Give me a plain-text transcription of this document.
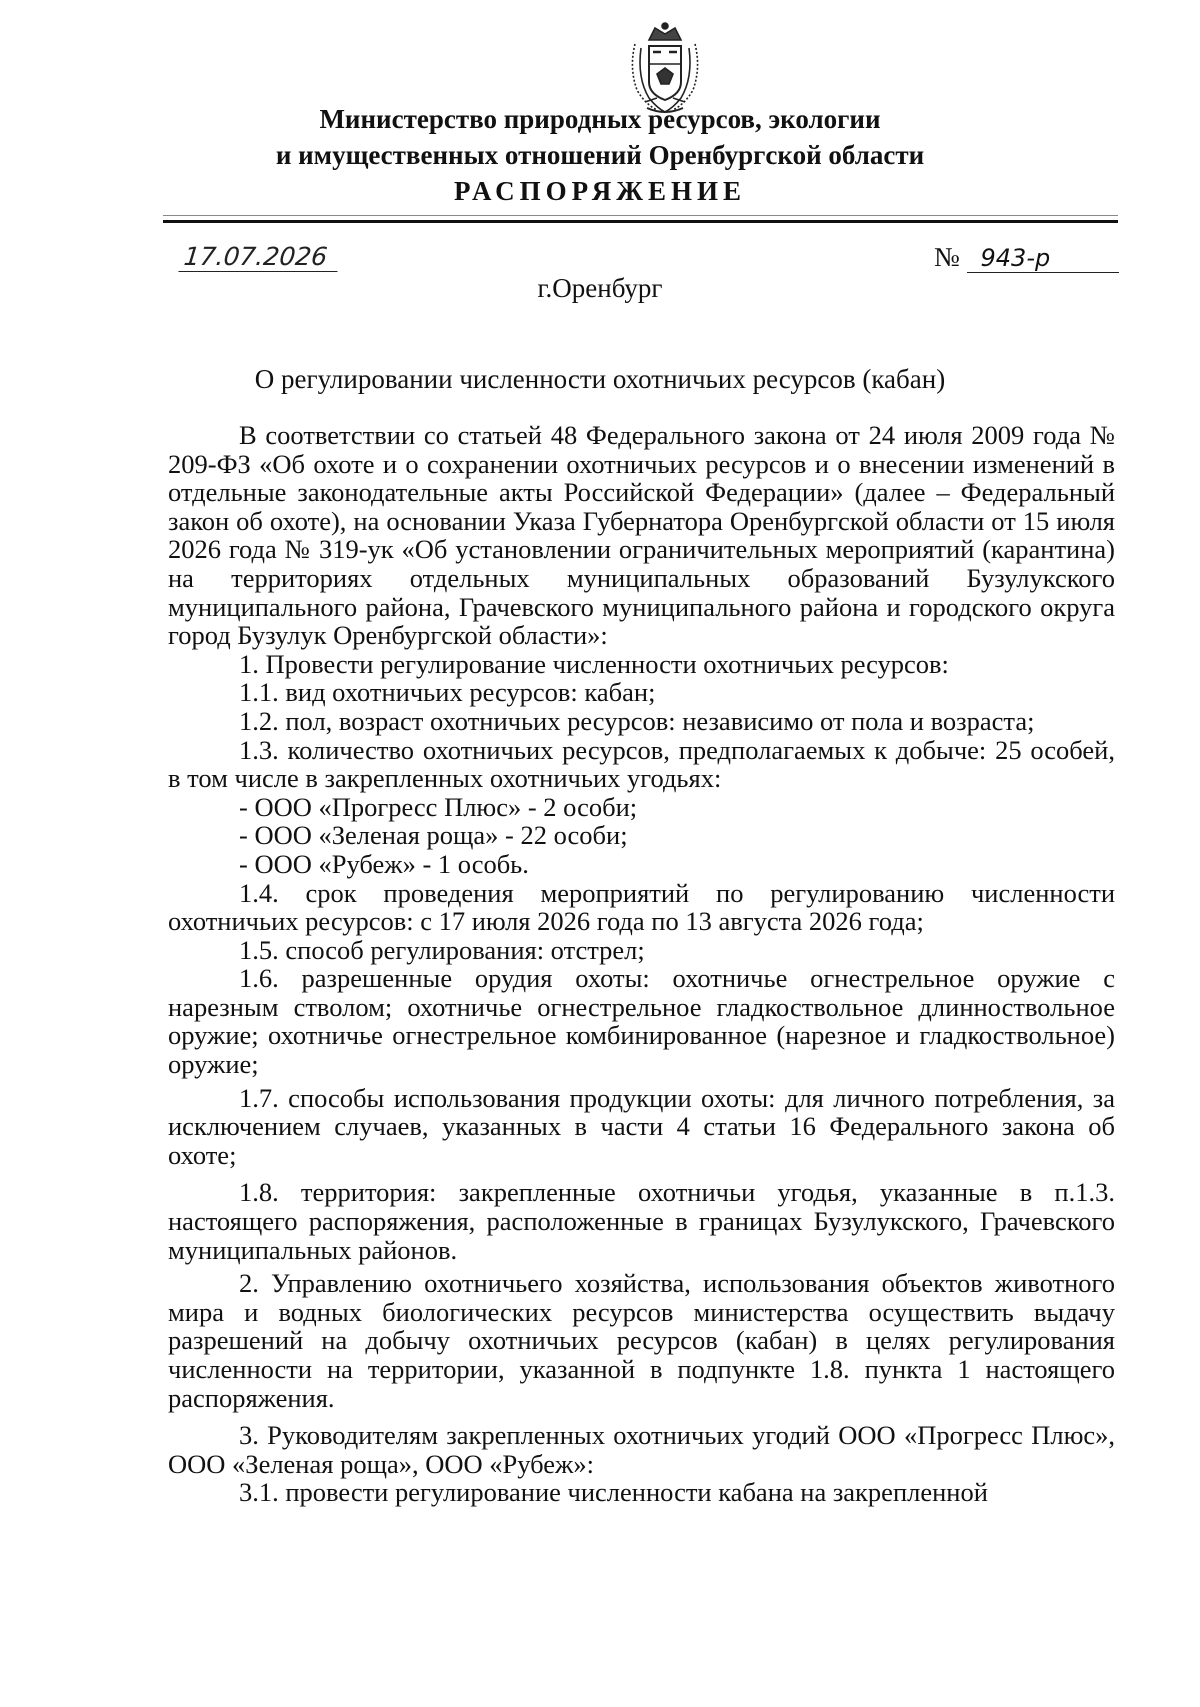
Министерство природных ресурсов, экологии
и имущественных отношений Оренбургской области
РАСПОРЯЖЕНИЕ
17.07.2026	№ 943-р
г.Оренбург
О регулировании численности охотничьих ресурсов (кабан)

В соответствии со статьей 48 Федерального закона от 24 июля 2009 года № 209-ФЗ «Об охоте и о сохранении охотничьих ресурсов и о внесении изменений в отдельные законодательные акты Российской Федерации» (далее – Федеральный закон об охоте), на основании Указа Губернатора Оренбургской области от 15 июля 2026 года № 319-ук «Об установлении ограничительных мероприятий (карантина) на территориях отдельных муниципальных образований Бузулукского муниципального района, Грачевского муниципального района и городского округа город Бузулук Оренбургской области»:

1. Провести регулирование численности охотничьих ресурсов:

1.1. вид охотничьих ресурсов: кабан;

1.2. пол, возраст охотничьих ресурсов: независимо от пола и возраста;

1.3. количество охотничьих ресурсов, предполагаемых к добыче: 25 особей, в том числе в закрепленных охотничьих угодьях:

- ООО «Прогресс Плюс» - 2 особи;

- ООО «Зеленая роща» - 22 особи;

- ООО «Рубеж» - 1 особь.

1.4. срок проведения мероприятий по регулированию численности охотничьих ресурсов: с 17 июля 2026 года по 13 августа 2026 года;

1.5. способ регулирования: отстрел;

1.6. разрешенные орудия охоты: охотничье огнестрельное оружие с нарезным стволом; охотничье огнестрельное гладкоствольное длинноствольное оружие; охотничье огнестрельное комбинированное (нарезное и гладкоствольное) оружие;

1.7. способы использования продукции охоты: для личного потребления, за исключением случаев, указанных в части 4 статьи 16 Федерального закона об охоте;

1.8. территория: закрепленные охотничьи угодья, указанные в п.1.3. настоящего распоряжения, расположенные в границах Бузулукского, Грачевского муниципальных районов.

2. Управлению охотничьего хозяйства, использования объектов животного мира и водных биологических ресурсов министерства осуществить выдачу разрешений на добычу охотничьих ресурсов (кабан) в целях регулирования численности на территории, указанной в подпункте 1.8. пункта 1 настоящего распоряжения.

3. Руководителям закрепленных охотничьих угодий ООО «Прогресс Плюс», ООО «Зеленая роща», ООО «Рубеж»:

3.1. провести регулирование численности кабана на закрепленной
